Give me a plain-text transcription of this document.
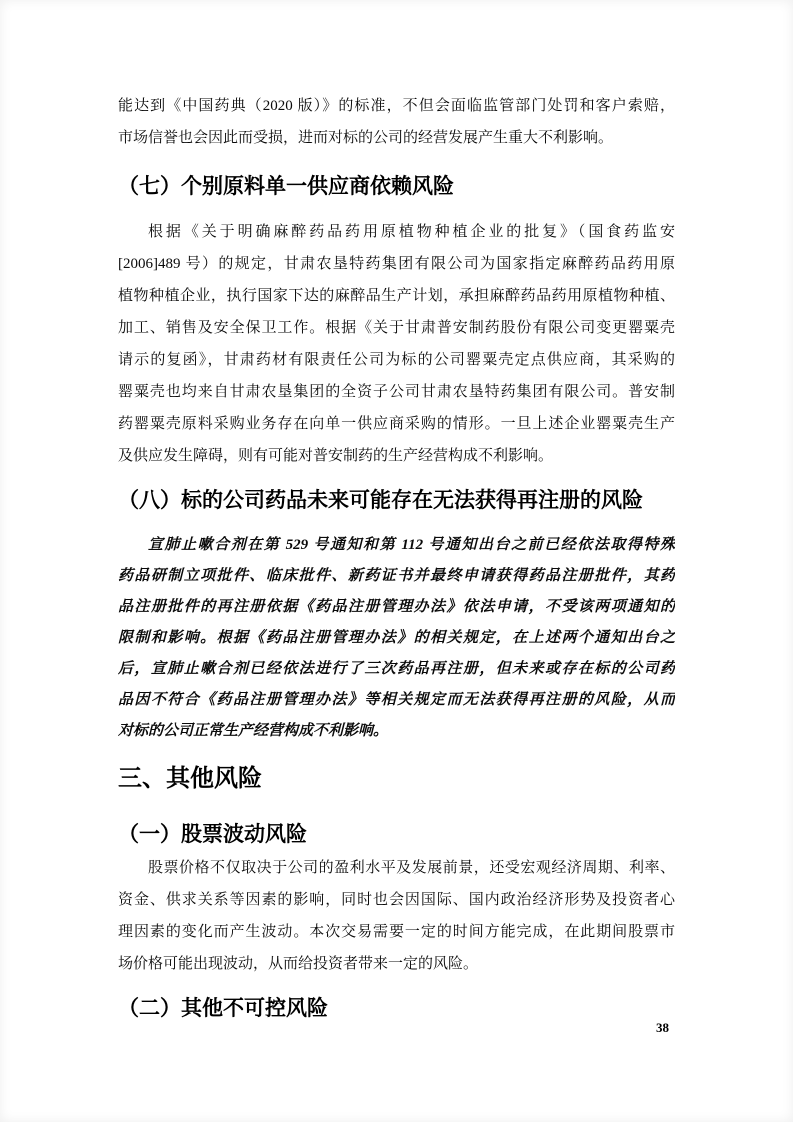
能达到《中国药典（2020 版）》的标准，不但会面临监管部门处罚和客户索赔，
市场信誉也会因此而受损，进而对标的公司的经营发展产生重大不利影响。
（七）个别原料单一供应商依赖风险
根据《关于明确麻醉药品药用原植物种植企业的批复》（国食药监安
[2006]489 号）的规定，甘肃农垦特药集团有限公司为国家指定麻醉药品药用原
植物种植企业，执行国家下达的麻醉品生产计划，承担麻醉药品药用原植物种植、
加工、销售及安全保卫工作。根据《关于甘肃普安制药股份有限公司变更罂粟壳
请示的复函》，甘肃药材有限责任公司为标的公司罂粟壳定点供应商，其采购的
罂粟壳也均来自甘肃农垦集团的全资子公司甘肃农垦特药集团有限公司。普安制
药罂粟壳原料采购业务存在向单一供应商采购的情形。一旦上述企业罂粟壳生产
及供应发生障碍，则有可能对普安制药的生产经营构成不利影响。
（八）标的公司药品未来可能存在无法获得再注册的风险
宣肺止嗽合剂在第 529 号通知和第 112 号通知出台之前已经依法取得特殊
药品研制立项批件、临床批件、新药证书并最终申请获得药品注册批件，其药
品注册批件的再注册依据《药品注册管理办法》依法申请，不受该两项通知的
限制和影响。根据《药品注册管理办法》的相关规定，在上述两个通知出台之
后，宣肺止嗽合剂已经依法进行了三次药品再注册，但未来或存在标的公司药
品因不符合《药品注册管理办法》等相关规定而无法获得再注册的风险，从而
对标的公司正常生产经营构成不利影响。
三、其他风险
（一）股票波动风险
股票价格不仅取决于公司的盈利水平及发展前景，还受宏观经济周期、利率、
资金、供求关系等因素的影响，同时也会因国际、国内政治经济形势及投资者心
理因素的变化而产生波动。本次交易需要一定的时间方能完成，在此期间股票市
场价格可能出现波动，从而给投资者带来一定的风险。
（二）其他不可控风险
38
